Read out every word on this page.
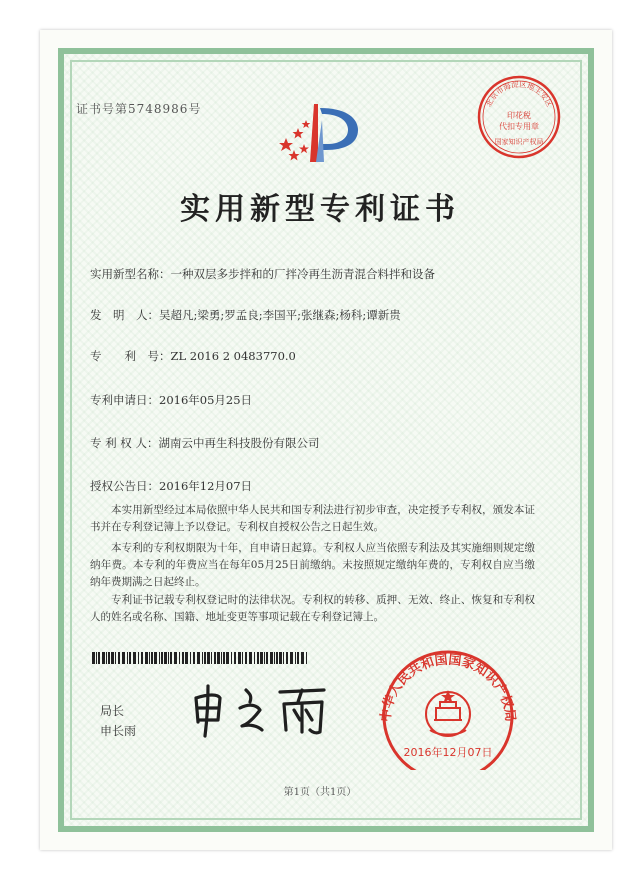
证书号第5748986号	北京市海淀区地主安区
印花税
代扣专用章
国家知识产权局
实用新型专利证书
实用新型名称：一种双层多步拌和的厂拌冷再生沥青混合料拌和设备
发　明　人：吴超凡;梁勇;罗孟良;李国平;张继森;杨科;谭新贵
专　　利　号：ZL 2016 2 0483770.0
专利申请日：2016年05月25日
专 利 权 人：湖南云中再生科技股份有限公司
授权公告日：2016年12月07日
本实用新型经过本局依照中华人民共和国专利法进行初步审查，决定授予专利权，颁发本证书并在专利登记簿上予以登记。专利权自授权公告之日起生效。
本专利的专利权期限为十年，自申请日起算。专利权人应当依照专利法及其实施细则规定缴纳年费。本专利的年费应当在每年05月25日前缴纳。未按照规定缴纳年费的，专利权自应当缴纳年费期满之日起终止。
专利证书记载专利权登记时的法律状况。专利权的转移、质押、无效、终止、恢复和专利权人的姓名或名称、国籍、地址变更等事项记载在专利登记簿上。
局长
申长雨
中华人民共和国国家知识产权局
2016年12月07日
第1页（共1页）
